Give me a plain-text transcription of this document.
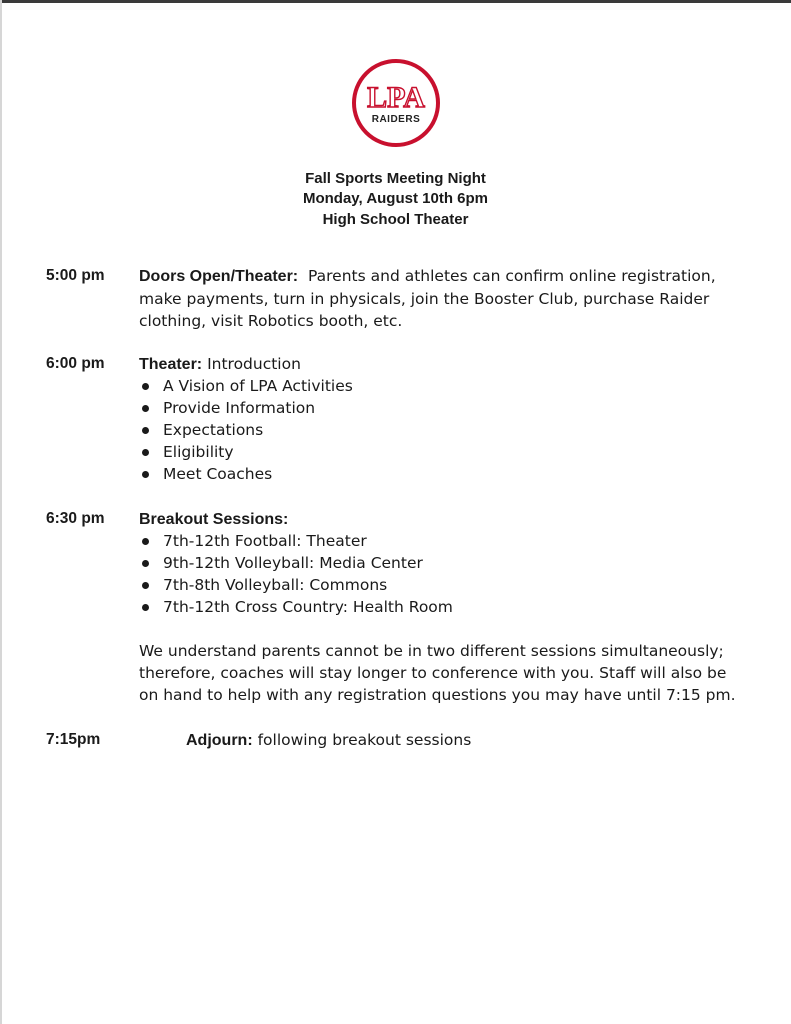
LPA
RAIDERS

Fall Sports Meeting Night

Monday, August 10th 6pm

High School Theater

5:00 pm Doors Open/Theater: Parents and athletes can confirm online registration, make payments, turn in physicals, join the Booster Club, purchase Raider clothing, visit Robotics booth, etc.

6:00 pm Theater: Introduction

A Vision of LPA Activities
Provide Information
Expectations
Eligibility
Meet Coaches

6:30 pm Breakout Sessions:

7th-12th Football: Theater
9th-12th Volleyball: Media Center
7th-8th Volleyball: Commons
7th-12th Cross Country: Health Room

We understand parents cannot be in two different sessions simultaneously; therefore, coaches will stay longer to conference with you. Staff will also be on hand to help with any registration questions you may have until 7:15 pm.

7:15pm	Adjourn: following breakout sessions
